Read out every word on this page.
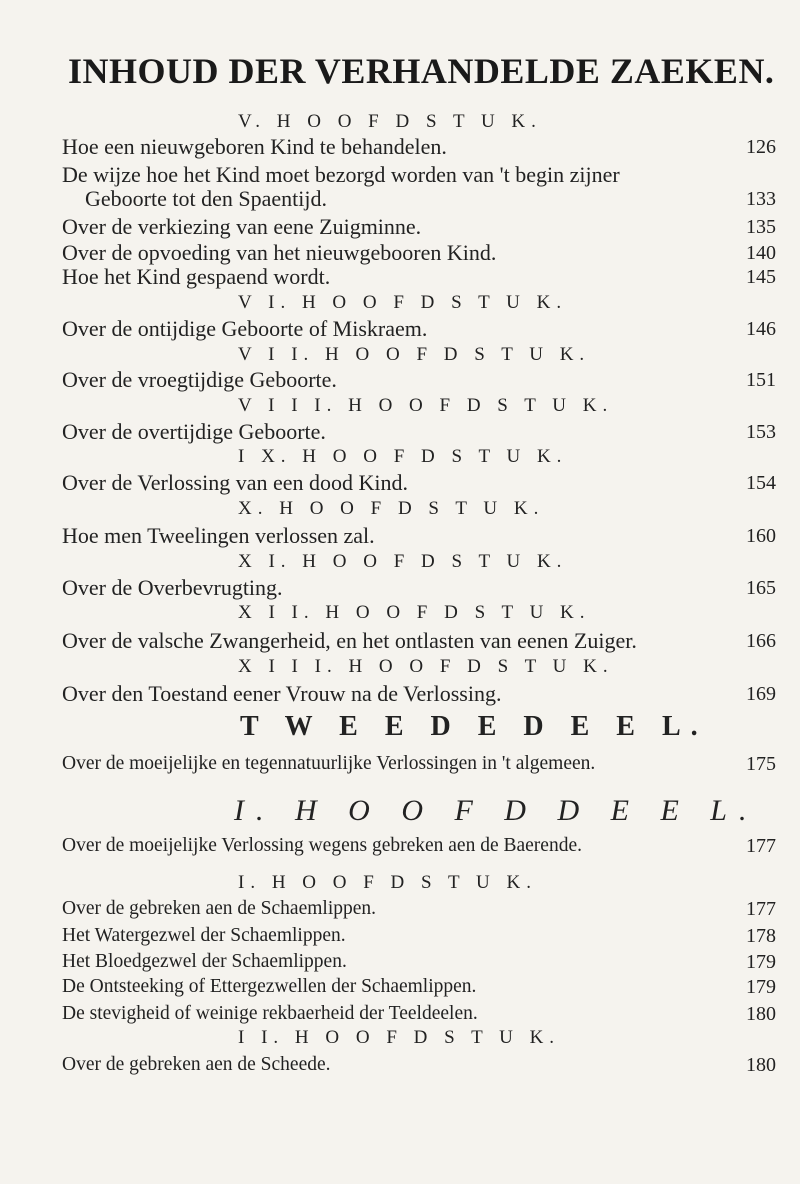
INHOUD DER VERHANDELDE ZAEKEN.
V. H O O F D S T U K.
Hoe een nieuwgeboren Kind te behandelen.	126
De wijze hoe het Kind moet bezorgd worden van 't begin zijner
Geboorte tot den Spaentijd.	133
Over de verkiezing van eene Zuigminne.	135
Over de opvoeding van het nieuwgebooren Kind.	140
Hoe het Kind gespaend wordt.	145
V I. H O O F D S T U K.
Over de ontijdige Geboorte of Miskraem.	146
V I I. H O O F D S T U K.
Over de vroegtijdige Geboorte.	151
V I I I. H O O F D S T U K.
Over de overtijdige Geboorte.	153
I X. H O O F D S T U K.
Over de Verlossing van een dood Kind.	154
X. H O O F D S T U K.
Hoe men Tweelingen verlossen zal.	160
X I. H O O F D S T U K.
Over de Overbevrugting.	165
X I I. H O O F D S T U K.
Over de valsche Zwangerheid, en het ontlasten van eenen Zuiger.	166
X I I I. H O O F D S T U K.
Over den Toestand eener Vrouw na de Verlossing.	169
T W E E D E D E E L.
Over de moeijelijke en tegennatuurlijke Verlossingen in 't algemeen.	175
I. H O O F D D E E L.
Over de moeijelijke Verlossing wegens gebreken aen de Baerende.	177
I. H O O F D S T U K.
Over de gebreken aen de Schaemlippen.	177
Het Watergezwel der Schaemlippen.	178
Het Bloedgezwel der Schaemlippen.	179
De Ontsteeking of Ettergezwellen der Schaemlippen.	179
De stevigheid of weinige rekbaerheid der Teeldeelen.	180
I I. H O O F D S T U K.
Over de gebreken aen de Scheede.	180
